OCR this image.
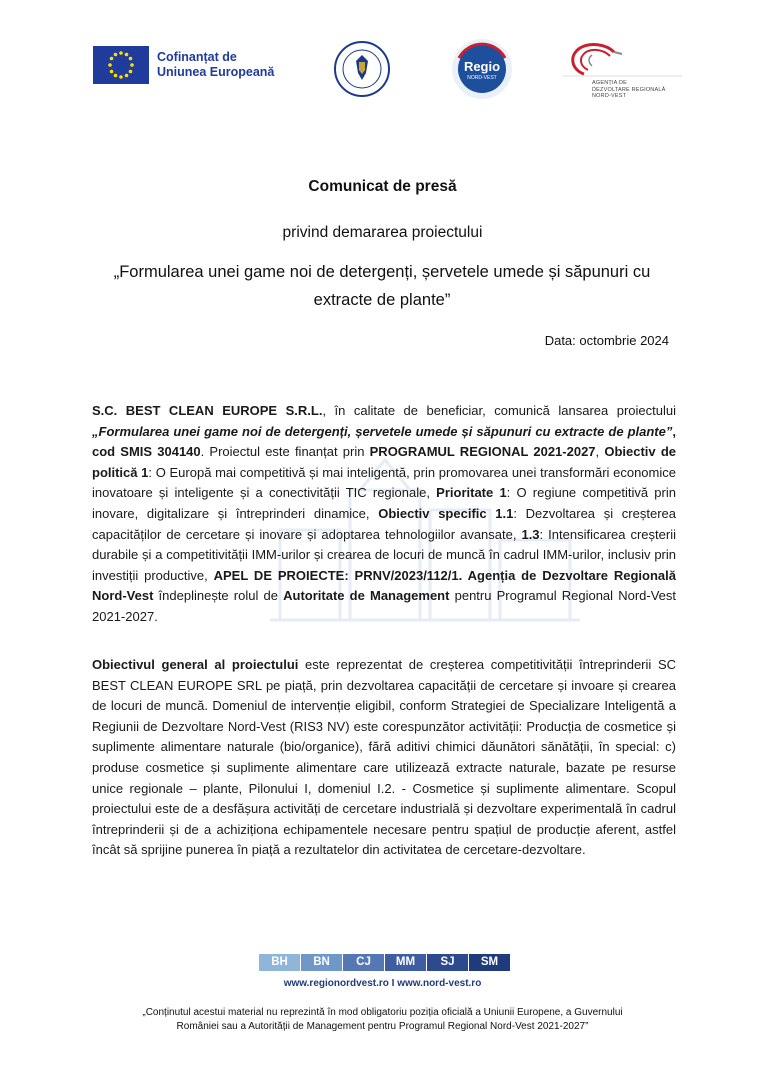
Cofinanțat de
Uniunea Europeană	Regio
NORD-VEST
AGENȚIA DE
DEZVOLTARE REGIONALĂ
NORD-VEST
Comunicat de presă
privind demararea proiectului
„Formularea unei game noi de detergenți, șervetele umede și săpunuri cu extracte de plante”
Data: octombrie 2024
S.C. BEST CLEAN EUROPE S.R.L., în calitate de beneficiar, comunică lansarea proiectului „Formularea unei game noi de detergenți, șervetele umede și săpunuri cu extracte de plante”, cod SMIS 304140. Proiectul este finanțat prin PROGRAMUL REGIONAL 2021-2027, Obiectiv de politică 1: O Europă mai competitivă și mai inteligentă, prin promovarea unei transformări economice inovatoare și inteligente și a conectivității TIC regionale, Prioritate 1: O regiune competitivă prin inovare, digitalizare și întreprinderi dinamice, Obiectiv specific 1.1: Dezvoltarea și creșterea capacităților de cercetare și inovare și adoptarea tehnologiilor avansate, 1.3: Intensificarea creșterii durabile și a competitivității IMM-urilor și crearea de locuri de muncă în cadrul IMM-urilor, inclusiv prin investiții productive, APEL DE PROIECTE: PRNV/2023/112/1. Agenția de Dezvoltare Regională Nord-Vest îndeplinește rolul de Autoritate de Management pentru Programul Regional Nord-Vest 2021-2027.
Obiectivul general al proiectului este reprezentat de creșterea competitivității întreprinderii SC BEST CLEAN EUROPE SRL pe piață, prin dezvoltarea capacității de cercetare și invoare și crearea de locuri de muncă. Domeniul de intervenție eligibil, conform Strategiei de Specializare Inteligentă a Regiunii de Dezvoltare Nord-Vest (RIS3 NV) este corespunzător activității: Producția de cosmetice și suplimente alimentare naturale (bio/organice), fără aditivi chimici dăunători sănătății, în special: c) produse cosmetice și suplimente alimentare care utilizează extracte naturale, bazate pe resurse unice regionale – plante, Pilonului I, domeniul I.2. - Cosmetice și suplimente alimentare. Scopul proiectului este de a desfășura activități de cercetare industrială și dezvoltare experimentală în cadrul întreprinderii și de a achiziționa echipamentele necesare pentru spațiul de producție aferent, astfel încât să sprijine punerea în piață a rezultatelor din activitatea de cercetare-dezvoltare.
BH	BN	CJ	MM	SJ	SM
www.regionordvest.ro I www.nord-vest.ro
„Conținutul acestui material nu reprezintă în mod obligatoriu poziția oficială a Uniunii Europene, a Guvernului României sau a Autorității de Management pentru Programul Regional Nord-Vest 2021-2027”
